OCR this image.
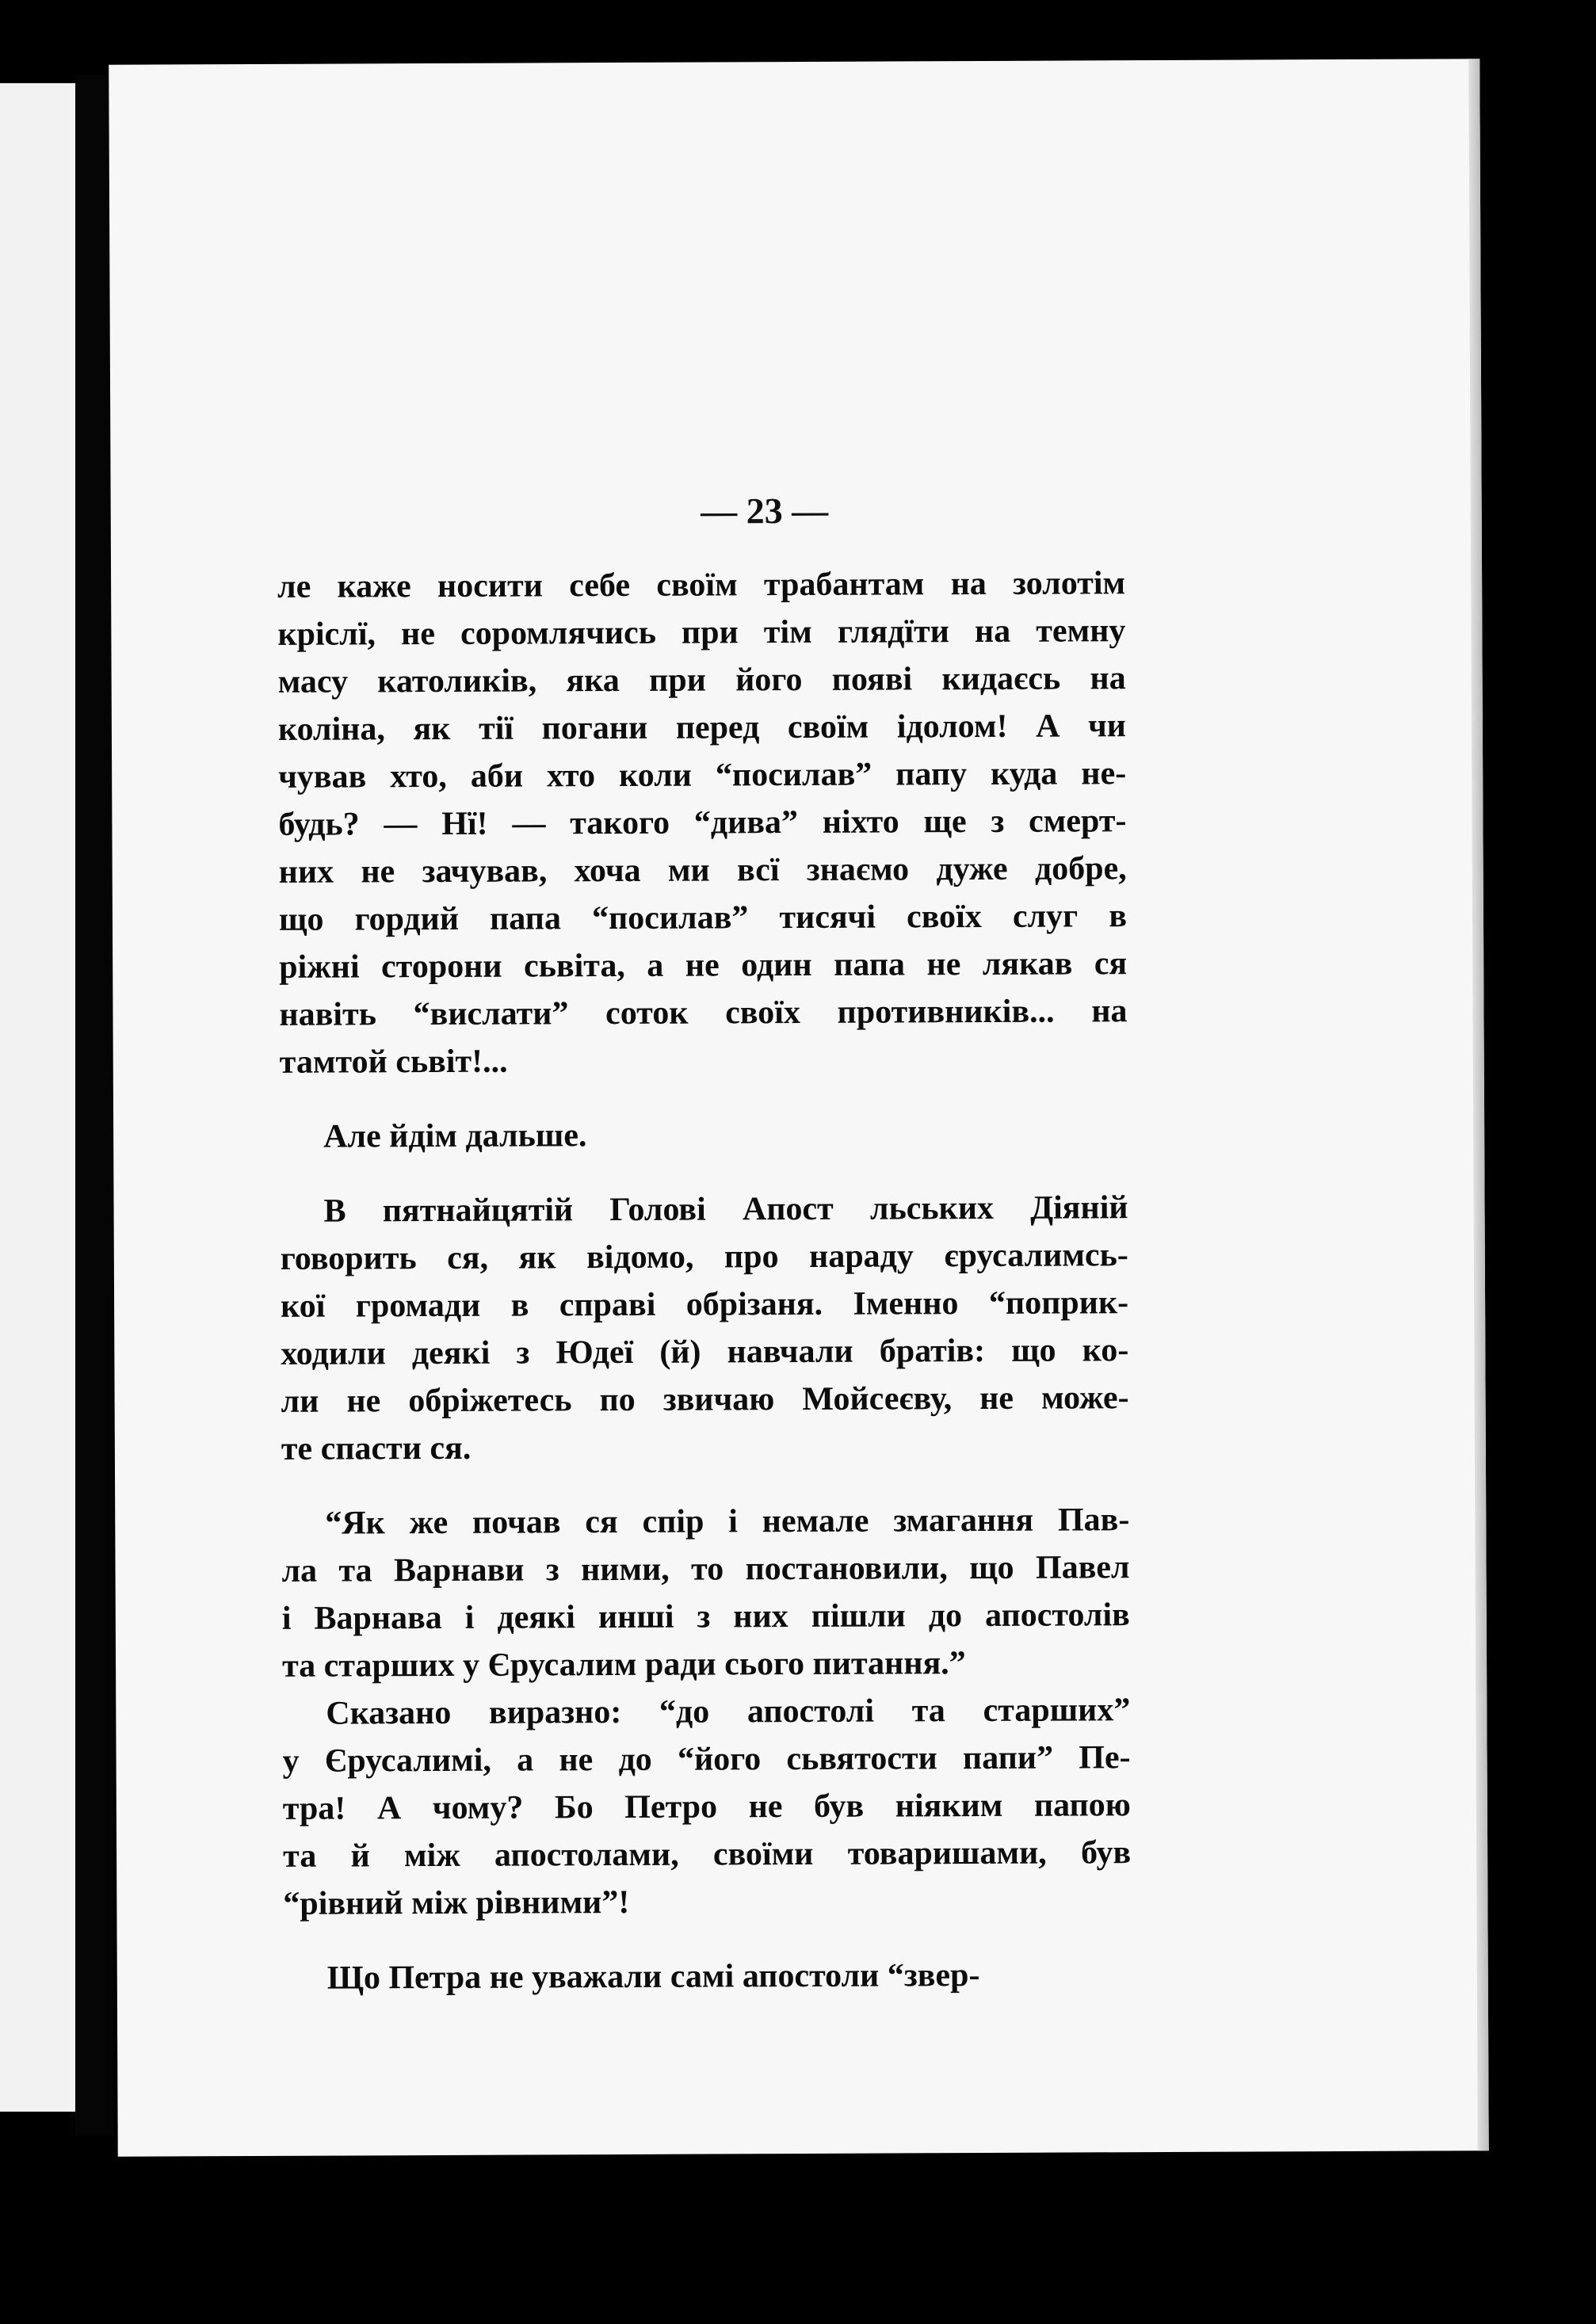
— 23 —
ле каже носити себе своїм трабантам на золотім
кріслї, не соромлячись при тім глядїти на темну
масу католиків, яка при його появі кидаєсь на
коліна, як тії погани перед своїм ідолом! А чи
чував хто, аби хто коли “посилав” папу куда не-
будь? — Нї! — такого “дива” ніхто ще з смерт-
них не зачував, хоча ми всї знаємо дуже добре,
що гордий папа “посилав” тисячі своїх слуг в
ріжні сторони сьвіта, а не один папа не лякав ся
навіть “вислати” соток своїх противників... на
тамтой сьвіт!...
Але йдім дальше.
В пятнайцятій Голові Апост льських Діяній
говорить ся, як відомо, про нараду єрусалимсь-
кої громади в справі обрізаня. Іменно “поприк-
ходили деякі з Юдеї (й) навчали братів: що ко-
ли не обріжетесь по звичаю Мойсеєву, не може-
те спасти ся.
“Як же почав ся спір і немале змагання Пав-
ла та Варнави з ними, то постановили, що Павел
і Варнава і деякі инші з них пішли до апостолів
та старших у Єрусалим ради сього питання.”
Сказано виразно: “до апостолі та старших”
у Єрусалимі, а не до “його сьвятости папи” Пе-
тра! А чому? Бо Петро не був ніяким папою
та й між апостолами, своїми товаришами, був
“рівний між рівними”!
Що Петра не уважали самі апостоли “звер-
